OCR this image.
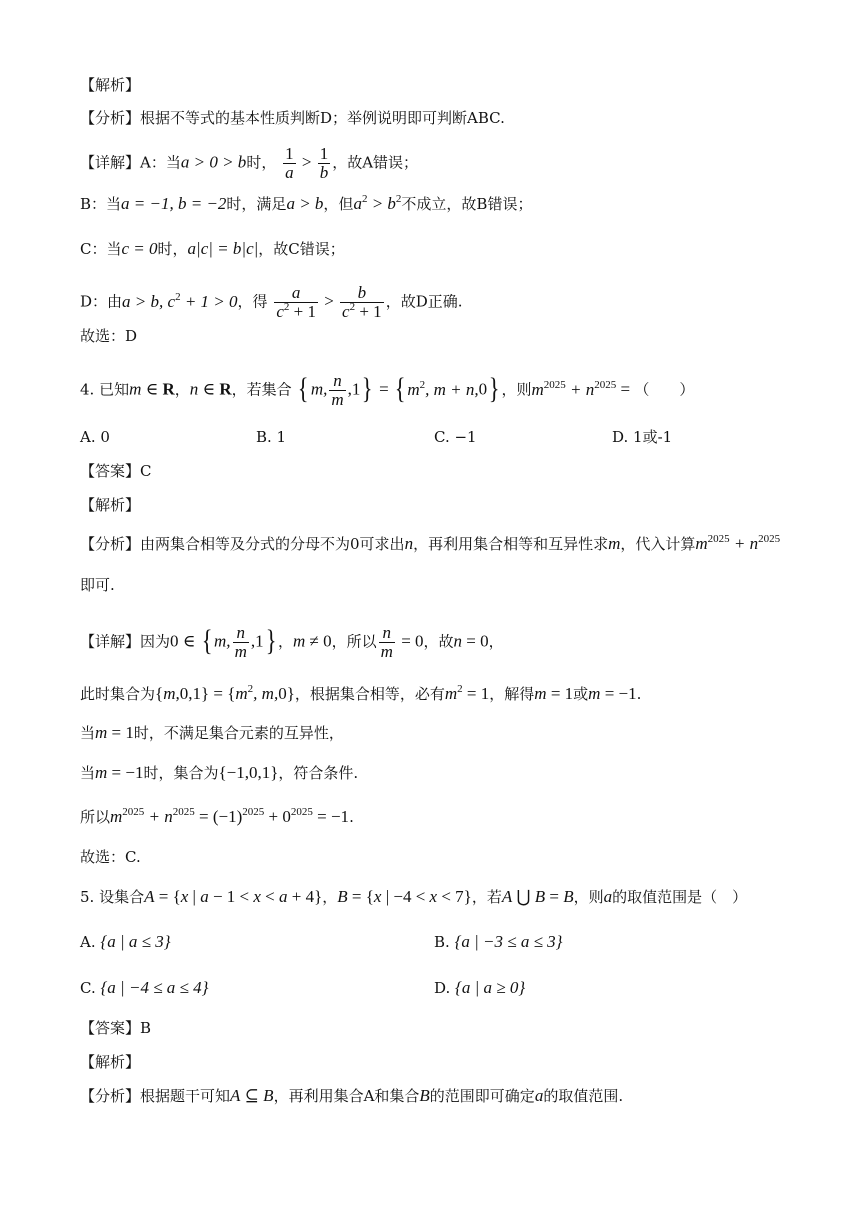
【解析】
【分析】根据不等式的基本性质判断D；举例说明即可判断ABC.
【详解】A：当a > 0 > b时， $\frac{1}{a} > \frac{1}{b}$ ，故A错误；
B：当a = −1, b = −2时，满足a > b，但$a^2 > b^2$不成立，故B错误；
C：当c = 0时，a|c| = b|c|，故C错误；
D：由a > b, $c^2 + 1 > 0$，得 $\frac{a}{c^2 + 1} > \frac{b}{c^2 + 1}$ ，故D正确.
故选：D
4. 已知m ∈ R，n ∈ R，若集合 { m, $\frac{n}{m} ,1$} = { $m^2$, m + n,0} ，则$m^{2025} + n^{2025}$ = （　　）
A. 0	B. 1	C. −1	D. 1或-1
【答案】C
【解析】
【分析】由两集合相等及分式的分母不为0可求出n，再利用集合相等和互异性求m，代入计算$m^{2025} + n^{2025}$
即可.
【详解】因为0 ∈ { m, $\frac{n}{m} ,1$} ，m ≠ 0，所以 $\frac{n}{m} = 0$，故n = 0，
此时集合为$\{m,0,1\} = \{m^2$, m,0}，根据集合相等，必有$m^2 = 1$，解得m = 1或m = −1.
当m = 1时，不满足集合元素的互异性，
当m = −1时，集合为{−1,0,1}，符合条件.
所以$m^{2025} + n^{2025} = (-1)^{2025} + 0^{2025} = -1$.
故选：C.
5. 设集合A = {x | a − 1 < x < a + 4}，B = {x | −4 < x < 7}，若A ⋃ B = B，则a的取值范围是（　）
A. {a | a ≤ 3}	B. {a | −3 ≤ a ≤ 3}
C. {a | −4 ≤ a ≤ 4}	D. {a | a ≥ 0}
【答案】B
【解析】
【分析】根据题干可知A ⊆ B，再利用集合A和集合B的范围即可确定a的取值范围.
